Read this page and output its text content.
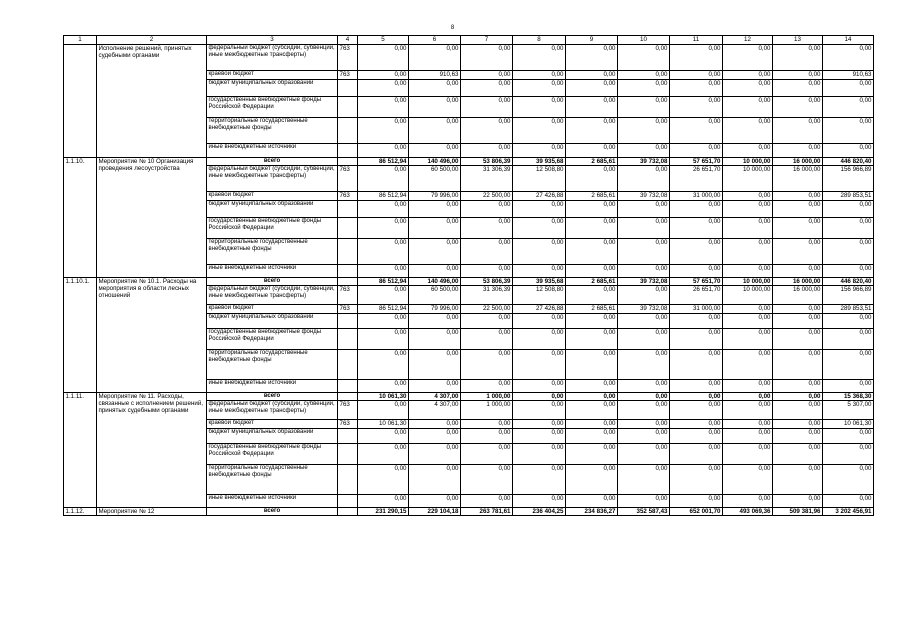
8
1	2	3	4	5	6	7	8	9	10	11	12	13	14
	Исполнение решений, принятых судебными органами	федеральный бюджет (субсидии, субвенции, иные межбюджетные трансферты)	763	0,00	0,00	0,00	0,00	0,00	0,00	0,00	0,00	0,00	0,00
		краевой бюджет	763	0,00	910,63	0,00	0,00	0,00	0,00	0,00	0,00	0,00	910,63
		бюджет муниципальных образований		0,00	0,00	0,00	0,00	0,00	0,00	0,00	0,00	0,00	0,00
		государственные внебюджетные фонды Российской Федерации		0,00	0,00	0,00	0,00	0,00	0,00	0,00	0,00	0,00	0,00
		территориальные государственные внебюджетные фонды		0,00	0,00	0,00	0,00	0,00	0,00	0,00	0,00	0,00	0,00
		иные внебюджетные источники		0,00	0,00	0,00	0,00	0,00	0,00	0,00	0,00	0,00	0,00
1.1.10.	Мероприятие № 10 Организация проведения лесоустройства	всего		86 512,94	140 496,00	53 806,39	39 935,68	2 685,61	39 732,08	57 651,70	10 000,00	16 000,00	446 820,40
		федеральный бюджет (субсидии, субвенции, иные межбюджетные трансферты)	763	0,00	60 500,00	31 306,39	12 508,80	0,00	0,00	26 651,70	10 000,00	16 000,00	156 966,89
		краевой бюджет	763	86 512,94	79 996,00	22 500,00	27 426,88	2 685,61	39 732,08	31 000,00	0,00	0,00	289 853,51
		бюджет муниципальных образований		0,00	0,00	0,00	0,00	0,00	0,00	0,00	0,00	0,00	0,00
		государственные внебюджетные фонды Российской Федерации		0,00	0,00	0,00	0,00	0,00	0,00	0,00	0,00	0,00	0,00
		территориальные государственные внебюджетные фонды		0,00	0,00	0,00	0,00	0,00	0,00	0,00	0,00	0,00	0,00
		иные внебюджетные источники		0,00	0,00	0,00	0,00	0,00	0,00	0,00	0,00	0,00	0,00
1.1.10.1.	Мероприятие № 10.1. Расходы на мероприятия в области лесных отношений	всего		86 512,94	140 496,00	53 806,39	39 935,68	2 685,61	39 732,08	57 651,70	10 000,00	16 000,00	446 820,40
		федеральный бюджет (субсидии, субвенции, иные межбюджетные трансферты)	763	0,00	60 500,00	31 306,39	12 508,80	0,00	0,00	26 651,70	10 000,00	16 000,00	156 966,89
		краевой бюджет	763	86 512,94	79 996,00	22 500,00	27 426,88	2 685,61	39 732,08	31 000,00	0,00	0,00	289 853,51
		бюджет муниципальных образований		0,00	0,00	0,00	0,00	0,00	0,00	0,00	0,00	0,00	0,00
		государственные внебюджетные фонды Российской Федерации		0,00	0,00	0,00	0,00	0,00	0,00	0,00	0,00	0,00	0,00
		территориальные государственные внебюджетные фонды		0,00	0,00	0,00	0,00	0,00	0,00	0,00	0,00	0,00	0,00
		иные внебюджетные источники		0,00	0,00	0,00	0,00	0,00	0,00	0,00	0,00	0,00	0,00
1.1.11.	Мероприятие № 11. Расходы, связанные с исполнением решений, принятых судебными органами	всего		10 061,30	4 307,00	1 000,00	0,00	0,00	0,00	0,00	0,00	0,00	15 368,30
		федеральный бюджет (субсидии, субвенции, иные межбюджетные трансферты)	763	0,00	4 307,00	1 000,00	0,00	0,00	0,00	0,00	0,00	0,00	5 307,00
		краевой бюджет	763	10 061,30	0,00	0,00	0,00	0,00	0,00	0,00	0,00	0,00	10 061,30
		бюджет муниципальных образований		0,00	0,00	0,00	0,00	0,00	0,00	0,00	0,00	0,00	0,00
		государственные внебюджетные фонды Российской Федерации		0,00	0,00	0,00	0,00	0,00	0,00	0,00	0,00	0,00	0,00
		территориальные государственные внебюджетные фонды		0,00	0,00	0,00	0,00	0,00	0,00	0,00	0,00	0,00	0,00
		иные внебюджетные источники		0,00	0,00	0,00	0,00	0,00	0,00	0,00	0,00	0,00	0,00
1.1.12.	Мероприятие № 12	всего		231 290,15	229 104,18	263 781,61	236 404,25	234 836,27	352 587,43	652 001,70	493 069,36	509 381,96	3 202 456,91
